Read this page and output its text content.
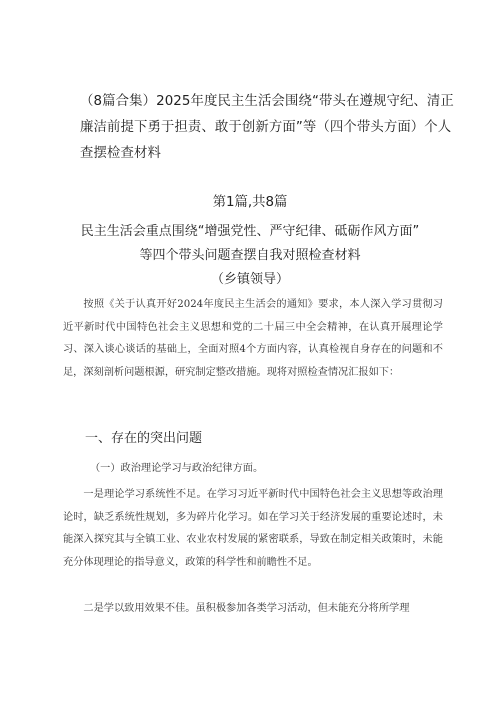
（8篇合集）2025年度民主生活会围绕“带头在遵规守纪、清正廉洁前提下勇于担责、敢于创新方面”等（四个带头方面）个人查摆检查材料
第1篇,共8篇
民主生活会重点围绕“增强党性、严守纪律、砥砺作风方面”
等四个带头问题查摆自我对照检查材料
（乡镇领导）
按照《关于认真开好2024年度民主生活会的通知》要求，本人深入学习贯彻习近平新时代中国特色社会主义思想和党的二十届三中全会精神，在认真开展理论学习、深入谈心谈话的基础上，全面对照4个方面内容，认真检视自身存在的问题和不足，深刻剖析问题根源，研究制定整改措施。现将对照检查情况汇报如下：
一、存在的突出问题
（一）政治理论学习与政治纪律方面。
一是理论学习系统性不足。在学习习近平新时代中国特色社会主义思想等政治理论时，缺乏系统性规划，多为碎片化学习。如在学习关于经济发展的重要论述时，未能深入探究其与全镇工业、农业农村发展的紧密联系，导致在制定相关政策时，未能充分体现理论的指导意义，政策的科学性和前瞻性不足。
二是学以致用效果不佳。虽积极参加各类学习活动，但未能充分将所学理
